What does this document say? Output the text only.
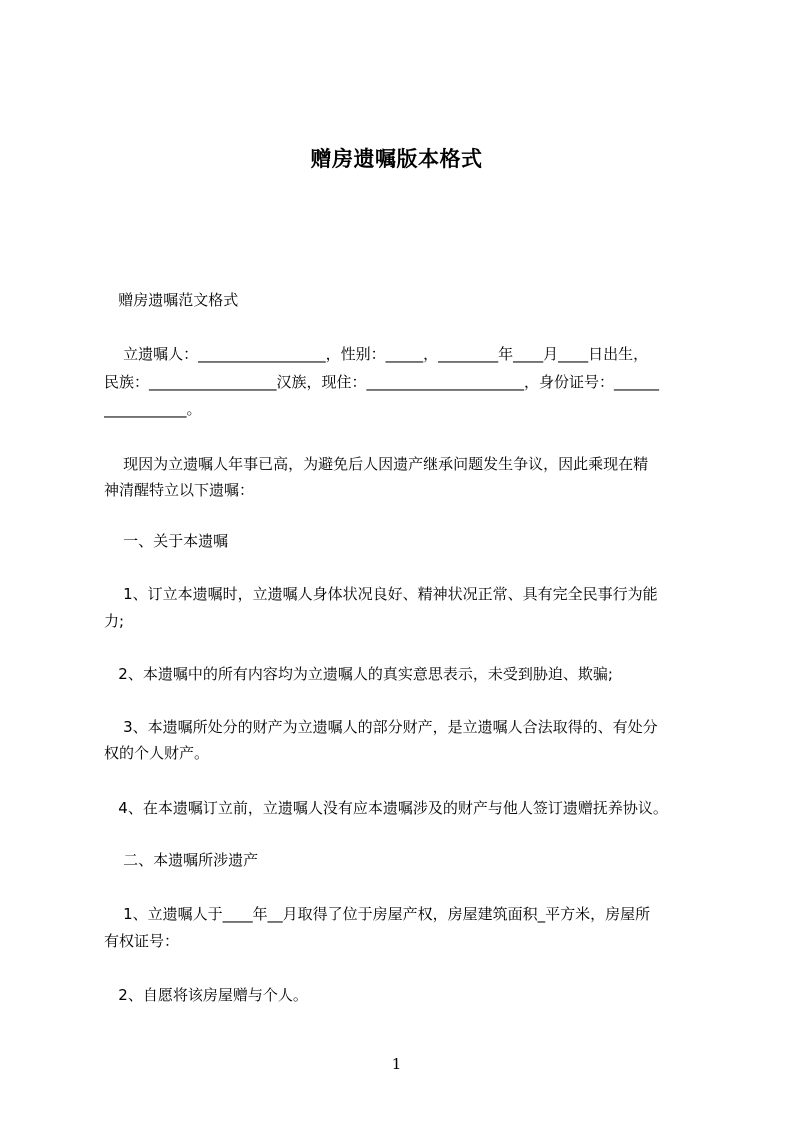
赠房遗嘱版本格式
赠房遗嘱范文格式
立遗嘱人：_________________，性别：_____，________年____月____日出生，
民族：_________________汉族，现住：_____________________，身份证号：______
___________。
现因为立遗嘱人年事已高，为避免后人因遗产继承问题发生争议，因此乘现在精
神清醒特立以下遗嘱：
一、关于本遗嘱
1、订立本遗嘱时，立遗嘱人身体状况良好、精神状况正常、具有完全民事行为能
力;
2、本遗嘱中的所有内容均为立遗嘱人的真实意思表示，未受到胁迫、欺骗;
3、本遗嘱所处分的财产为立遗嘱人的部分财产，是立遗嘱人合法取得的、有处分
权的个人财产。
4、在本遗嘱订立前，立遗嘱人没有应本遗嘱涉及的财产与他人签订遗赠抚养协议。
二、本遗嘱所涉遗产
1、立遗嘱人于____年__月取得了位于房屋产权，房屋建筑面积_平方米，房屋所
有权证号：
2、自愿将该房屋赠与个人。
1
